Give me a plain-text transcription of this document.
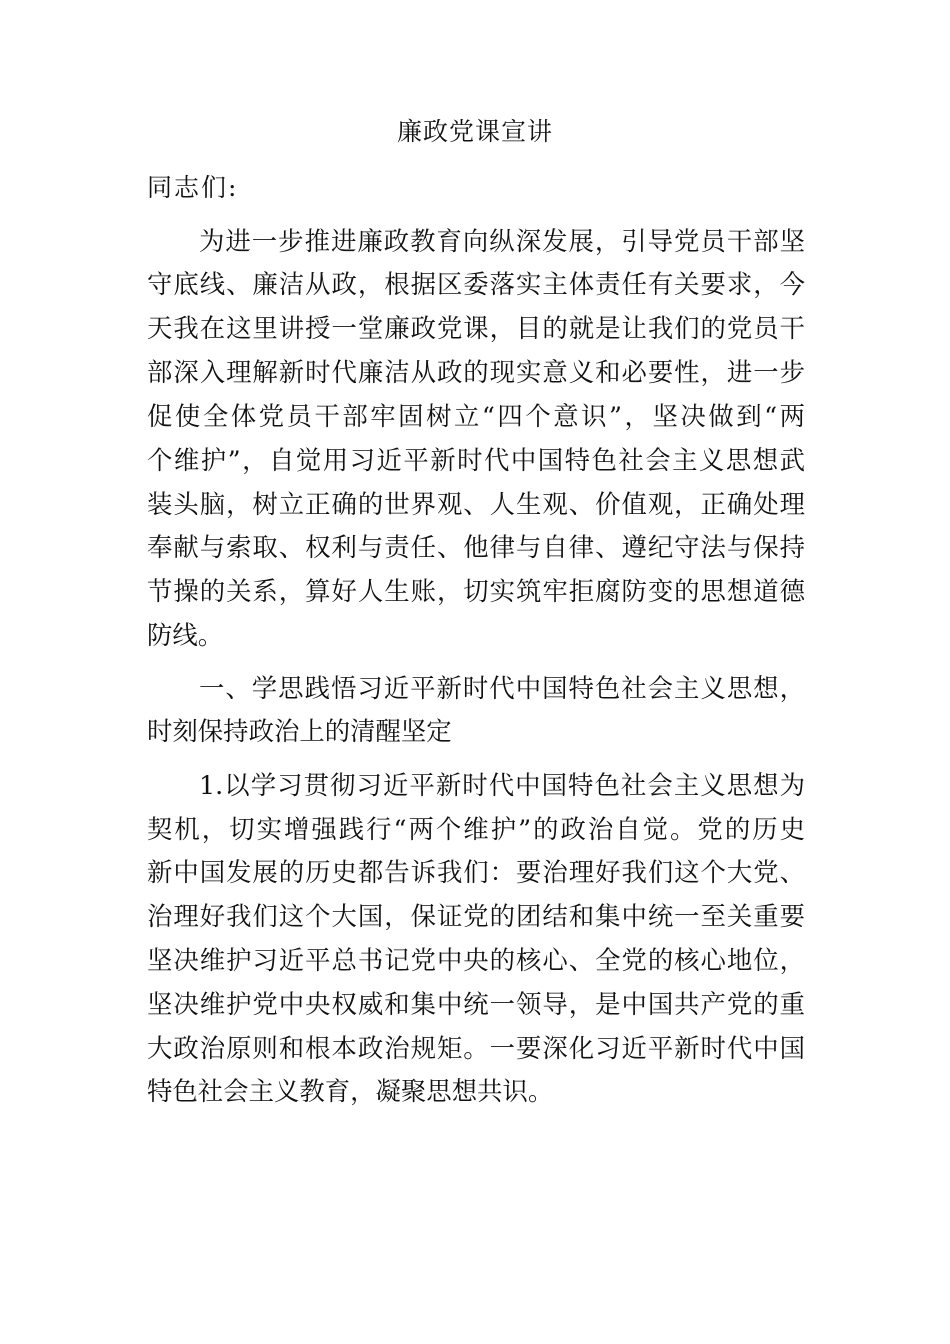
廉政党课宣讲
同志们:
为进一步推进廉政教育向纵深发展，引导党员干部坚
守底线、廉洁从政，根据区委落实主体责任有关要求，今
天我在这里讲授一堂廉政党课，目的就是让我们的党员干
部深入理解新时代廉洁从政的现实意义和必要性，进一步
促使全体党员干部牢固树立“四个意识”，坚决做到“两
个维护”，自觉用习近平新时代中国特色社会主义思想武
装头脑，树立正确的世界观、人生观、价值观，正确处理
奉献与索取、权利与责任、他律与自律、遵纪守法与保持
节操的关系，算好人生账，切实筑牢拒腐防变的思想道德
防线。
一、学思践悟习近平新时代中国特色社会主义思想，
时刻保持政治上的清醒坚定
1.以学习贯彻习近平新时代中国特色社会主义思想为
契机，切实增强践行“两个维护”的政治自觉。党的历史
新中国发展的历史都告诉我们：要治理好我们这个大党、
治理好我们这个大国，保证党的团结和集中统一至关重要
坚决维护习近平总书记党中央的核心、全党的核心地位，
坚决维护党中央权威和集中统一领导，是中国共产党的重
大政治原则和根本政治规矩。一要深化习近平新时代中国
特色社会主义教育，凝聚思想共识。
